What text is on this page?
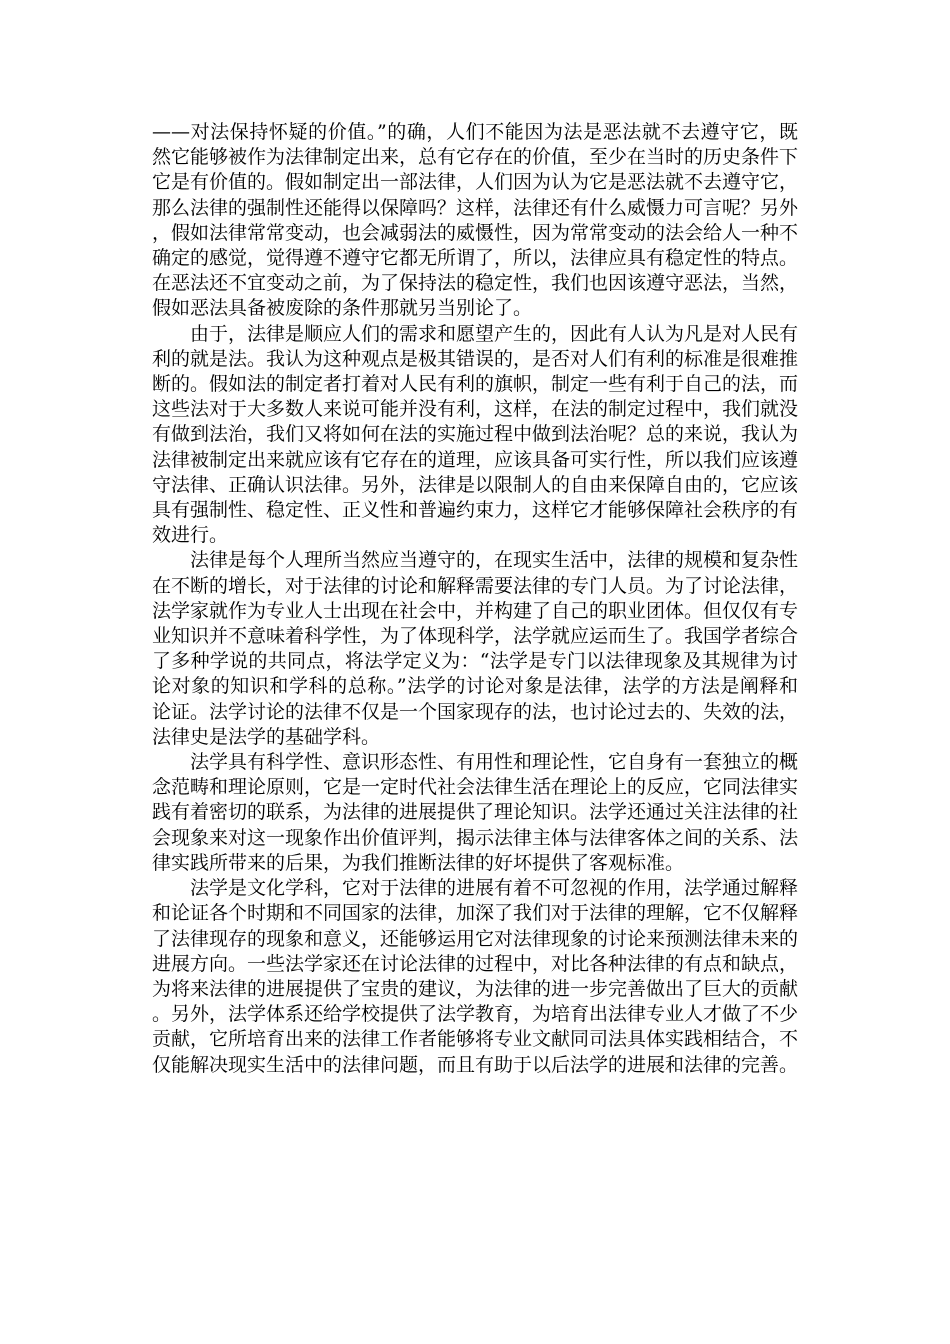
——对法保持怀疑的价值。”的确，人们不能因为法是恶法就不去遵守它，既然它能够被作为法律制定出来，总有它存在的价值，至少在当时的历史条件下它是有价值的。假如制定出一部法律，人们因为认为它是恶法就不去遵守它，那么法律的强制性还能得以保障吗？这样，法律还有什么威慑力可言呢？另外，假如法律常常变动，也会减弱法的威慑性，因为常常变动的法会给人一种不确定的感觉，觉得遵不遵守它都无所谓了，所以，法律应具有稳定性的特点。在恶法还不宜变动之前，为了保持法的稳定性，我们也因该遵守恶法，当然，假如恶法具备被废除的条件那就另当别论了。

由于，法律是顺应人们的需求和愿望产生的，因此有人认为凡是对人民有利的就是法。我认为这种观点是极其错误的，是否对人们有利的标准是很难推断的。假如法的制定者打着对人民有利的旗帜，制定一些有利于自己的法，而这些法对于大多数人来说可能并没有利，这样，在法的制定过程中，我们就没有做到法治，我们又将如何在法的实施过程中做到法治呢？总的来说，我认为法律被制定出来就应该有它存在的道理，应该具备可实行性，所以我们应该遵守法律、正确认识法律。另外，法律是以限制人的自由来保障自由的，它应该具有强制性、稳定性、正义性和普遍约束力，这样它才能够保障社会秩序的有效进行。

法律是每个人理所当然应当遵守的，在现实生活中，法律的规模和复杂性在不断的增长，对于法律的讨论和解释需要法律的专门人员。为了讨论法律，法学家就作为专业人士出现在社会中，并构建了自己的职业团体。但仅仅有专业知识并不意味着科学性，为了体现科学，法学就应运而生了。我国学者综合了多种学说的共同点，将法学定义为：“法学是专门以法律现象及其规律为讨论对象的知识和学科的总称。”法学的讨论对象是法律，法学的方法是阐释和论证。法学讨论的法律不仅是一个国家现存的法，也讨论过去的、失效的法，法律史是法学的基础学科。

法学具有科学性、意识形态性、有用性和理论性，它自身有一套独立的概念范畴和理论原则，它是一定时代社会法律生活在理论上的反应，它同法律实践有着密切的联系，为法律的进展提供了理论知识。法学还通过关注法律的社会现象来对这一现象作出价值评判，揭示法律主体与法律客体之间的关系、法律实践所带来的后果，为我们推断法律的好坏提供了客观标准。

法学是文化学科，它对于法律的进展有着不可忽视的作用，法学通过解释和论证各个时期和不同国家的法律，加深了我们对于法律的理解，它不仅解释了法律现存的现象和意义，还能够运用它对法律现象的讨论来预测法律未来的进展方向。一些法学家还在讨论法律的过程中，对比各种法律的有点和缺点，为将来法律的进展提供了宝贵的建议，为法律的进一步完善做出了巨大的贡献。另外，法学体系还给学校提供了法学教育，为培育出法律专业人才做了不少贡献，它所培育出来的法律工作者能够将专业文献同司法具体实践相结合，不仅能解决现实生活中的法律问题，而且有助于以后法学的进展和法律的完善。
